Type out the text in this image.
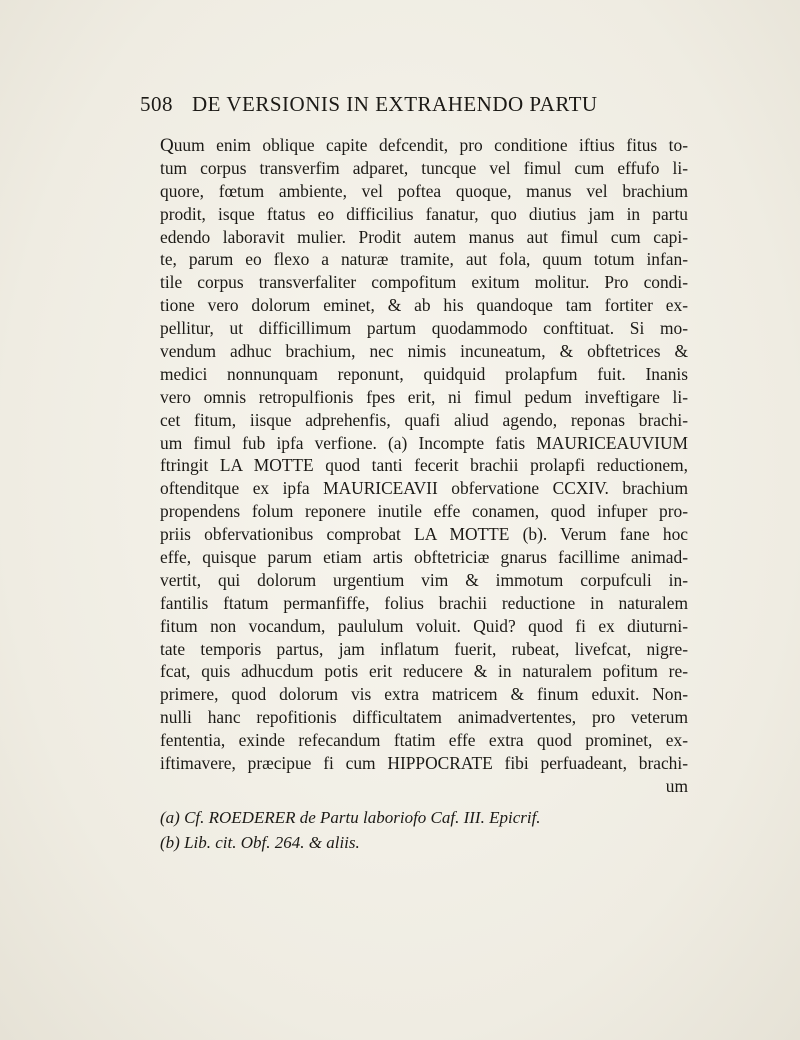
508 DE VERSIONIS IN EXTRAHENDO PARTU
Quum enim oblique capite defcendit, pro conditione iftius fitus to-
tum corpus transverfim adparet, tuncque vel fimul cum effufo li-
quore, fœtum ambiente, vel poftea quoque, manus vel brachium
prodit, isque ftatus eo difficilius fanatur, quo diutius jam in partu
edendo laboravit mulier. Prodit autem manus aut fimul cum capi-
te, parum eo flexo a naturæ tramite, aut fola, quum totum infan-
tile corpus transverfaliter compofitum exitum molitur. Pro condi-
tione vero dolorum eminet, & ab his quandoque tam fortiter ex-
pellitur, ut difficillimum partum quodammodo conftituat. Si mo-
vendum adhuc brachium, nec nimis incuneatum, & obftetrices &
medici nonnunquam reponunt, quidquid prolapfum fuit. Inanis
vero omnis retropulfionis fpes erit, ni fimul pedum inveftigare li-
cet fitum, iisque adprehenfis, quafi aliud agendo, reponas brachi-
um fimul fub ipfa verfione. (a) Incompte fatis MAURICEAUVIUM
ftringit LA MOTTE quod tanti fecerit brachii prolapfi reductionem,
oftenditque ex ipfa MAURICEAVII obfervatione CCXIV. brachium
propendens folum reponere inutile effe conamen, quod infuper pro-
priis obfervationibus comprobat LA MOTTE (b). Verum fane hoc
effe, quisque parum etiam artis obftetriciæ gnarus facillime animad-
vertit, qui dolorum urgentium vim & immotum corpufculi in-
fantilis ftatum permanfiffe, folius brachii reductione in naturalem
fitum non vocandum, paululum voluit. Quid? quod fi ex diuturni-
tate temporis partus, jam inflatum fuerit, rubeat, livefcat, nigre-
fcat, quis adhucdum potis erit reducere & in naturalem pofitum re-
primere, quod dolorum vis extra matricem & finum eduxit. Non-
nulli hanc repofitionis difficultatem animadvertentes, pro veterum
fententia, exinde refecandum ftatim effe extra quod prominet, ex-
iftimavere, præcipue fi cum HIPPOCRATE fibi perfuadeant, brachi-
um
(a) Cf. ROEDERER de Partu laboriofo Caf. III. Epicrif.
(b) Lib. cit. Obf. 264. & aliis.
